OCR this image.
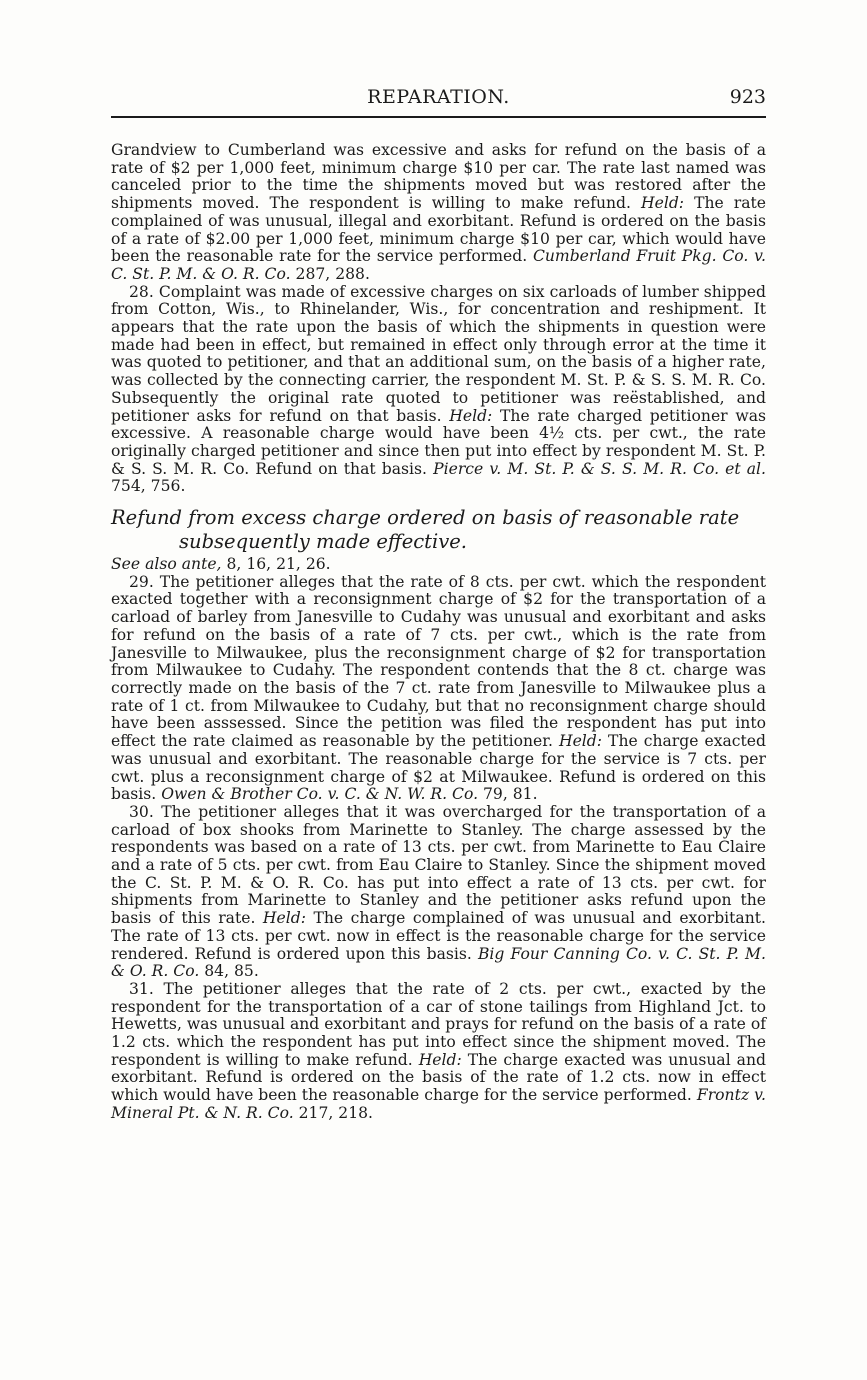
REPARATION.	923

Grandview to Cumberland was excessive and asks for refund on the basis of a rate of $2 per 1,000 feet, minimum charge $10 per car. The rate last named was canceled prior to the time the shipments moved but was restored after the shipments moved. The respondent is willing to make refund. Held: The rate complained of was unusual, illegal and exorbitant. Refund is ordered on the basis of a rate of $2.00 per 1,000 feet, minimum charge $10 per car, which would have been the reasonable rate for the service performed. Cumberland Fruit Pkg. Co. v. C. St. P. M. & O. R. Co. 287, 288.

28. Complaint was made of excessive charges on six carloads of lumber shipped from Cotton, Wis., to Rhinelander, Wis., for concentration and reshipment. It appears that the rate upon the basis of which the shipments in question were made had been in effect, but remained in effect only through error at the time it was quoted to petitioner, and that an additional sum, on the basis of a higher rate, was collected by the connecting carrier, the respondent M. St. P. & S. S. M. R. Co. Subsequently the original rate quoted to petitioner was reëstablished, and petitioner asks for refund on that basis. Held: The rate charged petitioner was excessive. A reasonable charge would have been 4½ cts. per cwt., the rate originally charged petitioner and since then put into effect by respondent M. St. P. & S. S. M. R. Co. Refund on that basis. Pierce v. M. St. P. & S. S. M. R. Co. et al. 754, 756.

Refund from excess charge ordered on basis of reasonable rate
subsequently made effective.

See also ante, 8, 16, 21, 26.

29. The petitioner alleges that the rate of 8 cts. per cwt. which the respondent exacted together with a reconsignment charge of $2 for the transportation of a carload of barley from Janesville to Cudahy was unusual and exorbitant and asks for refund on the basis of a rate of 7 cts. per cwt., which is the rate from Janesville to Milwaukee, plus the reconsignment charge of $2 for transportation from Milwaukee to Cudahy. The respondent contends that the 8 ct. charge was correctly made on the basis of the 7 ct. rate from Janesville to Milwaukee plus a rate of 1 ct. from Milwaukee to Cudahy, but that no reconsignment charge should have been asssessed. Since the petition was filed the respondent has put into effect the rate claimed as reasonable by the petitioner. Held: The charge exacted was unusual and exorbitant. The reasonable charge for the service is 7 cts. per cwt. plus a reconsignment charge of $2 at Milwaukee. Refund is ordered on this basis. Owen & Brother Co. v. C. & N. W. R. Co. 79, 81.

30. The petitioner alleges that it was overcharged for the transportation of a carload of box shooks from Marinette to Stanley. The charge assessed by the respondents was based on a rate of 13 cts. per cwt. from Marinette to Eau Claire and a rate of 5 cts. per cwt. from Eau Claire to Stanley. Since the shipment moved the C. St. P. M. & O. R. Co. has put into effect a rate of 13 cts. per cwt. for shipments from Marinette to Stanley and the petitioner asks refund upon the basis of this rate. Held: The charge complained of was unusual and exorbitant. The rate of 13 cts. per cwt. now in effect is the reasonable charge for the service rendered. Refund is ordered upon this basis. Big Four Canning Co. v. C. St. P. M. & O. R. Co. 84, 85.

31. The petitioner alleges that the rate of 2 cts. per cwt., exacted by the respondent for the transportation of a car of stone tailings from Highland Jct. to Hewetts, was unusual and exorbitant and prays for refund on the basis of a rate of 1.2 cts. which the respondent has put into effect since the shipment moved. The respondent is willing to make refund. Held: The charge exacted was unusual and exorbitant. Refund is ordered on the basis of the rate of 1.2 cts. now in effect which would have been the reasonable charge for the service performed. Frontz v. Mineral Pt. & N. R. Co. 217, 218.
